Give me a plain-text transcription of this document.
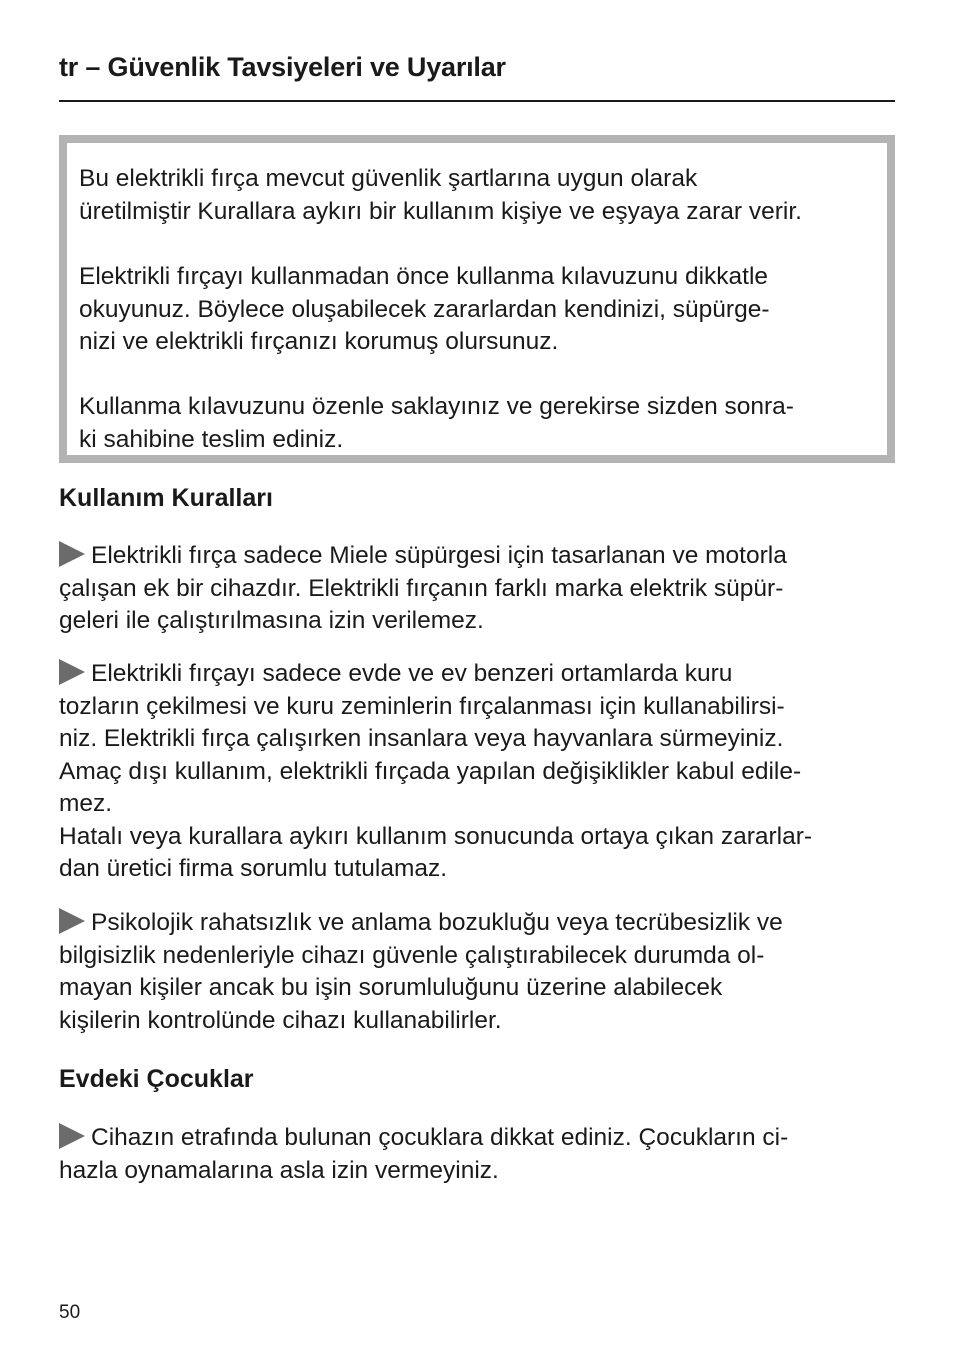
tr – Güvenlik Tavsiyeleri ve Uyarılar

Bu elektrikli fırça mevcut güvenlik şartlarına uygun olarak
üretilmiştir Kurallara aykırı bir kullanım kişiye ve eşyaya zarar verir.

Elektrikli fırçayı kullanmadan önce kullanma kılavuzunu dikkatle
okuyunuz. Böylece oluşabilecek zararlardan kendinizi, süpürge-
nizi ve elektrikli fırçanızı korumuş olursunuz.

Kullanma kılavuzunu özenle saklayınız ve gerekirse sizden sonra-
ki sahibine teslim ediniz.

Kullanım Kuralları
Elektrikli fırça sadece Miele süpürgesi için tasarlanan ve motorla
çalışan ek bir cihazdır. Elektrikli fırçanın farklı marka elektrik süpür-
geleri ile çalıştırılmasına izin verilemez.
Elektrikli fırçayı sadece evde ve ev benzeri ortamlarda kuru
tozların çekilmesi ve kuru zeminlerin fırçalanması için kullanabilirsi-
niz. Elektrikli fırça çalışırken insanlara veya hayvanlara sürmeyiniz.
Amaç dışı kullanım, elektrikli fırçada yapılan değişiklikler kabul edile-
mez.
Hatalı veya kurallara aykırı kullanım sonucunda ortaya çıkan zararlar-
dan üretici firma sorumlu tutulamaz.
Psikolojik rahatsızlık ve anlama bozukluğu veya tecrübesizlik ve
bilgisizlik nedenleriyle cihazı güvenle çalıştırabilecek durumda ol-
mayan kişiler ancak bu işin sorumluluğunu üzerine alabilecek
kişilerin kontrolünde cihazı kullanabilirler.
Evdeki Çocuklar
Cihazın etrafında bulunan çocuklara dikkat ediniz. Çocukların ci-
hazla oynamalarına asla izin vermeyiniz.
50
